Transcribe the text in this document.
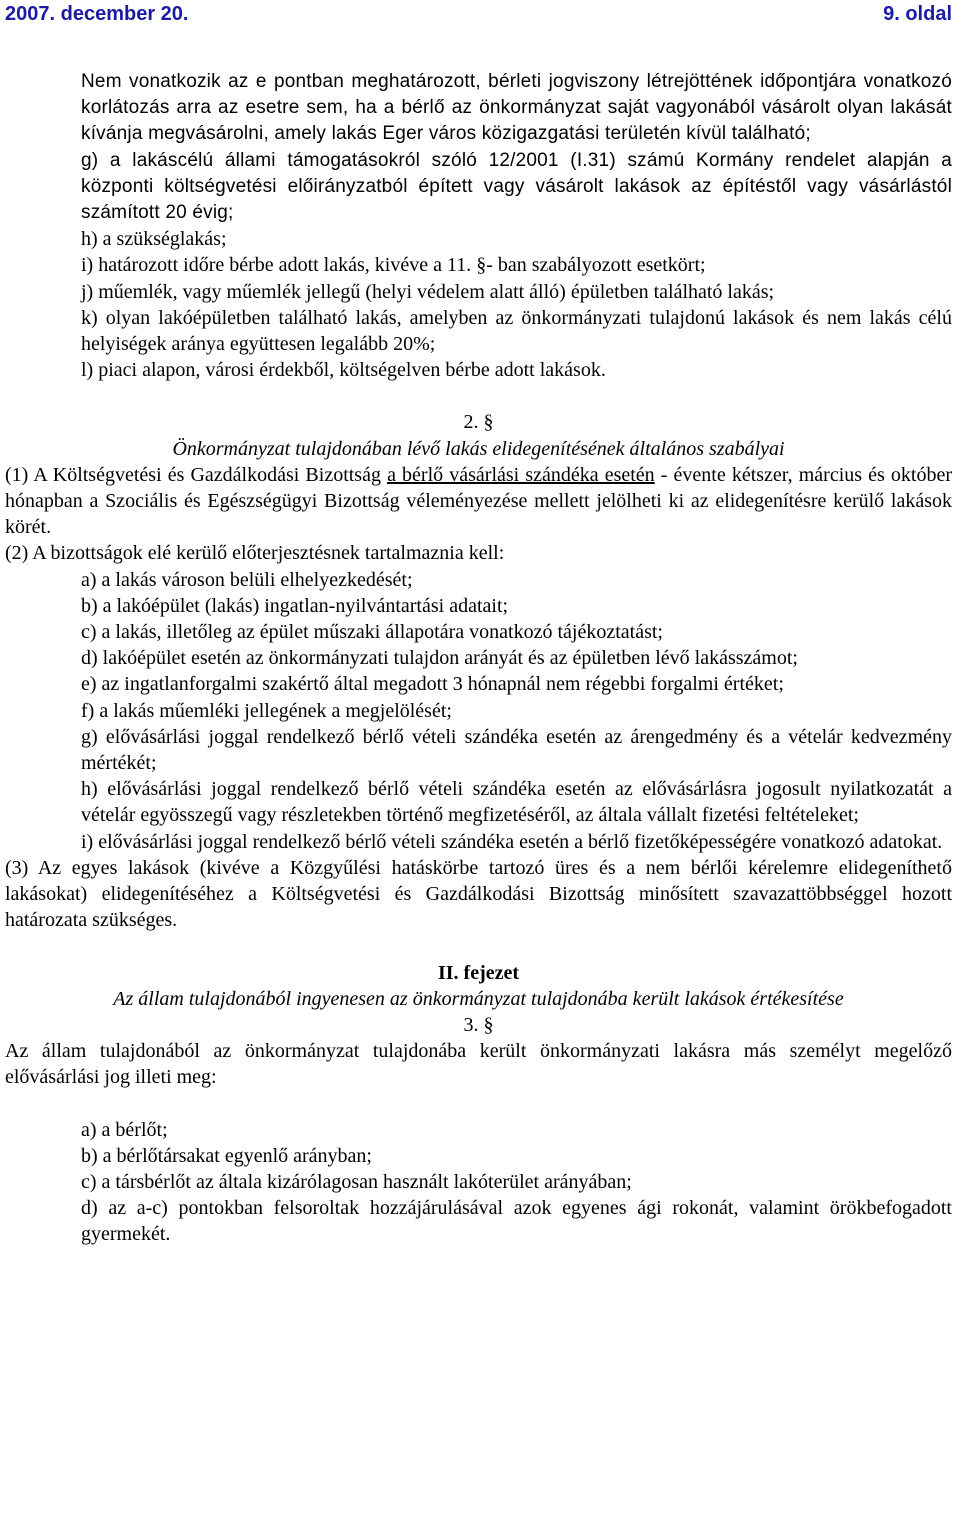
2007. december 20.	9. oldal

Nem vonatkozik az e pontban meghatározott, bérleti jogviszony létrejöttének időpontjára vonatkozó korlátozás arra az esetre sem, ha a bérlő az önkormányzat saját vagyonából vásárolt olyan lakását kívánja megvásárolni, amely lakás Eger város közigazgatási területén kívül található;

g) a lakáscélú állami támogatásokról szóló 12/2001 (I.31) számú Kormány rendelet alapján a központi költségvetési előirányzatból épített vagy vásárolt lakások az építéstől vagy vásárlástól számított 20 évig;

h) a szükséglakás;

i) határozott időre bérbe adott lakás, kivéve a 11. §- ban szabályozott esetkört;

j) műemlék, vagy műemlék jellegű (helyi védelem alatt álló) épületben található lakás;

k) olyan lakóépületben található lakás, amelyben az önkormányzati tulajdonú lakások és nem lakás célú helyiségek aránya együttesen legalább 20%;

l) piaci alapon, városi érdekből, költségelven bérbe adott lakások.

2. §

Önkormányzat tulajdonában lévő lakás elidegenítésének általános szabályai

(1) A Költségvetési és Gazdálkodási Bizottság a bérlő vásárlási szándéka esetén - évente kétszer, március és október hónapban a Szociális és Egészségügyi Bizottság véleményezése mellett jelölheti ki az elidegenítésre kerülő lakások körét.

(2) A bizottságok elé kerülő előterjesztésnek tartalmaznia kell:

a) a lakás városon belüli elhelyezkedését;

b) a lakóépület (lakás) ingatlan-nyilvántartási adatait;

c) a lakás, illetőleg az épület műszaki állapotára vonatkozó tájékoztatást;

d) lakóépület esetén az önkormányzati tulajdon arányát és az épületben lévő lakásszámot;

e) az ingatlanforgalmi szakértő által megadott 3 hónapnál nem régebbi forgalmi értéket;

f) a lakás műemléki jellegének a megjelölését;

g) elővásárlási joggal rendelkező bérlő vételi szándéka esetén az árengedmény és a vételár kedvezmény mértékét;

h) elővásárlási joggal rendelkező bérlő vételi szándéka esetén az elővásárlásra jogosult nyilatkozatát a vételár egyösszegű vagy részletekben történő megfizetéséről, az általa vállalt fizetési feltételeket;

i) elővásárlási joggal rendelkező bérlő vételi szándéka esetén a bérlő fizetőképességére vonatkozó adatokat.

(3) Az egyes lakások (kivéve a Közgyűlési hatáskörbe tartozó üres és a nem bérlői kérelemre elidegeníthető lakásokat) elidegenítéséhez a Költségvetési és Gazdálkodási Bizottság minősített szavazattöbbséggel hozott határozata szükséges.

II. fejezet

Az állam tulajdonából ingyenesen az önkormányzat tulajdonába került lakások értékesítése

3. §

Az állam tulajdonából az önkormányzat tulajdonába került önkormányzati lakásra más személyt megelőző elővásárlási jog illeti meg:

a) a bérlőt;

b) a bérlőtársakat egyenlő arányban;

c) a társbérlőt az általa kizárólagosan használt lakóterület arányában;

d) az a-c) pontokban felsoroltak hozzájárulásával azok egyenes ági rokonát, valamint örökbefogadott gyermekét.
